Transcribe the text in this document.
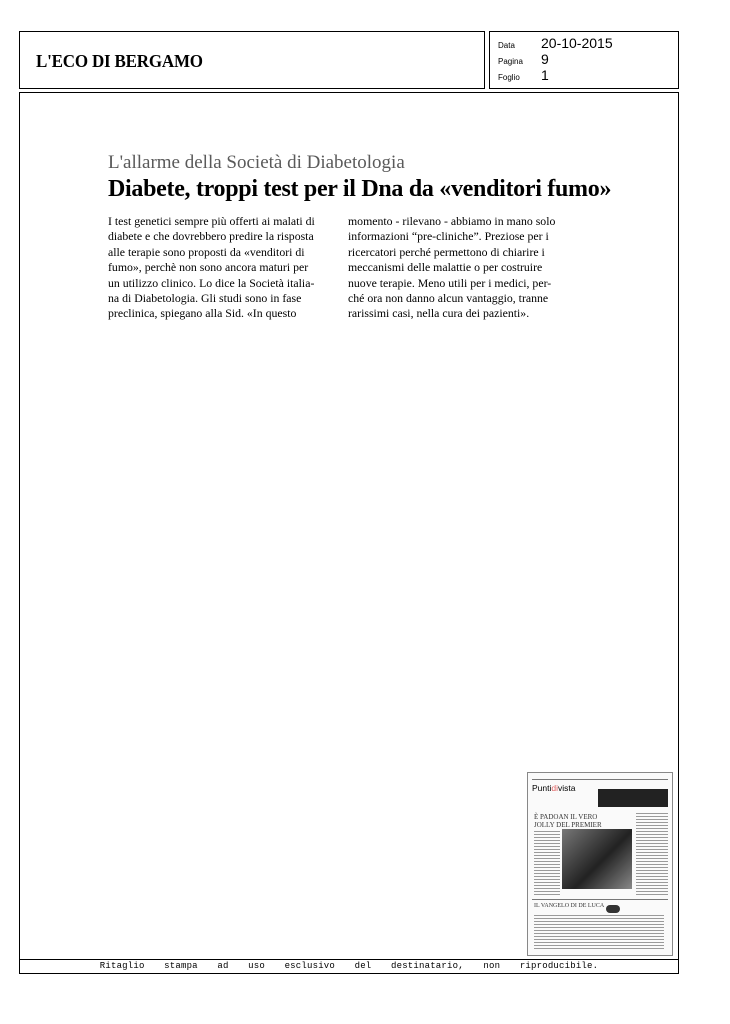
L'ECO DI BERGAMO
Data	20-10-2015
Pagina	9
Foglio	1
L'allarme della Società di Diabetologia
Diabete, troppi test per il Dna da «venditori fumo»
I test genetici sempre più offerti ai malati di
diabete e che dovrebbero predire la risposta
alle terapie sono proposti da «venditori di
fumo», perchè non sono ancora maturi per
un utilizzo clinico. Lo dice la Società italia-
na di Diabetologia. Gli studi sono in fase
preclinica, spiegano alla Sid. «In questo
momento - rilevano - abbiamo in mano solo
informazioni “pre-cliniche”. Preziose per i
ricercatori perché permettono di chiarire i
meccanismi delle malattie o per costruire
nuove terapie. Meno utili per i medici, per-
ché ora non danno alcun vantaggio, tranne
rarissimi casi, nella cura dei pazienti».
Puntidivista
È PADOAN IL VERO
JOLLY DEL PREMIER
IL VANGELO DI DE LUCA
Ritaglio stampa ad uso esclusivo del destinatario, non riproducibile.
